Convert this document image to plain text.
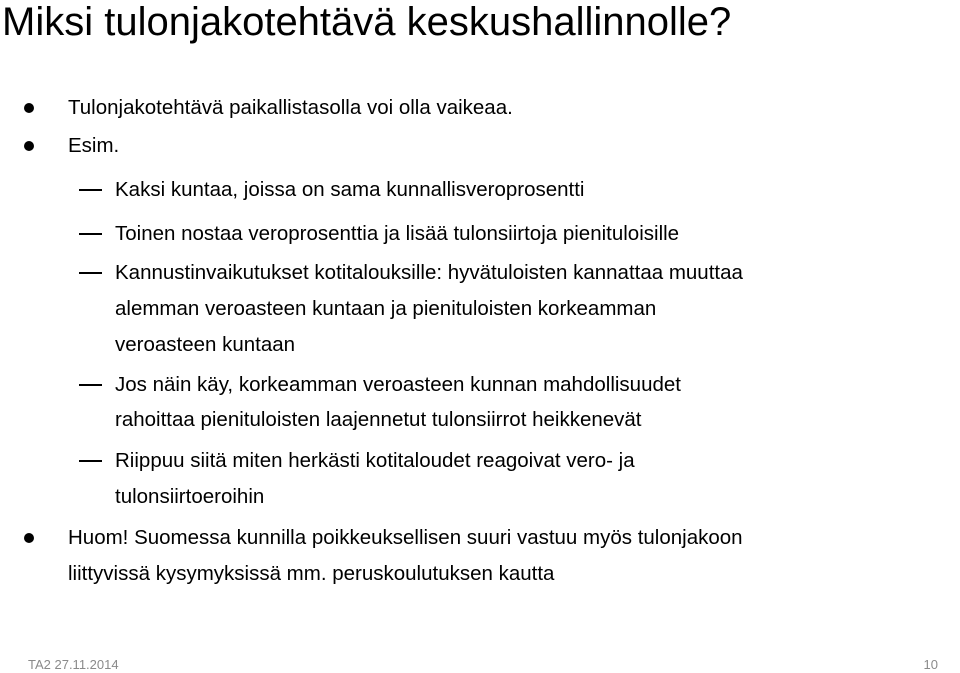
Miksi tulonjakotehtävä keskushallinnolle?
Tulonjakotehtävä paikallistasolla voi olla vaikeaa.
Esim.
Kaksi kuntaa, joissa on sama kunnallisveroprosentti
Toinen nostaa veroprosenttia ja lisää tulonsiirtoja pienituloisille
Kannustinvaikutukset kotitalouksille: hyvätuloisten kannattaa muuttaa
alemman veroasteen kuntaan ja pienituloisten korkeamman
veroasteen kuntaan
Jos näin käy, korkeamman veroasteen kunnan mahdollisuudet
rahoittaa pienituloisten laajennetut tulonsiirrot heikkenevät
Riippuu siitä miten herkästi kotitaloudet reagoivat vero- ja
tulonsiirtoeroihin
Huom! Suomessa kunnilla poikkeuksellisen suuri vastuu myös tulonjakoon
liittyvissä kysymyksissä mm. peruskoulutuksen kautta
TA2 27.11.2014	10
